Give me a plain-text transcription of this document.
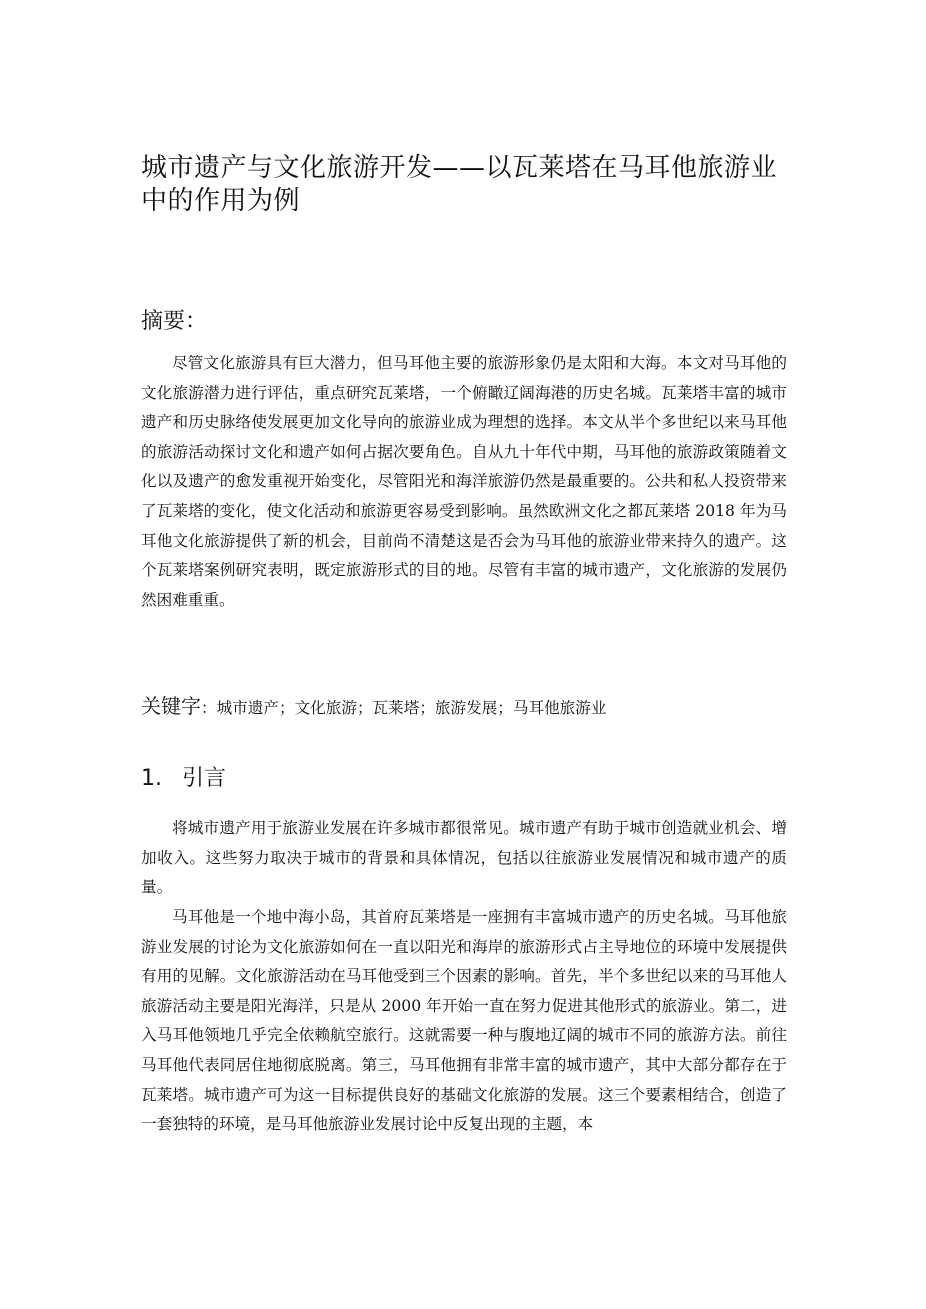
城市遗产与文化旅游开发——以瓦莱塔在马耳他旅游业中的作用为例
摘要：

尽管文化旅游具有巨大潜力，但马耳他主要的旅游形象仍是太阳和大海。本文对马耳他的文化旅游潜力进行评估，重点研究瓦莱塔，一个俯瞰辽阔海港的历史名城。瓦莱塔丰富的城市遗产和历史脉络使发展更加文化导向的旅游业成为理想的选择。本文从半个多世纪以来马耳他的旅游活动探讨文化和遗产如何占据次要角色。自从九十年代中期，马耳他的旅游政策随着文化以及遗产的愈发重视开始变化，尽管阳光和海洋旅游仍然是最重要的。公共和私人投资带来了瓦莱塔的变化，使文化活动和旅游更容易受到影响。虽然欧洲文化之都瓦莱塔 2018 年为马耳他文化旅游提供了新的机会，目前尚不清楚这是否会为马耳他的旅游业带来持久的遗产。这个瓦莱塔案例研究表明，既定旅游形式的目的地。尽管有丰富的城市遗产，文化旅游的发展仍然困难重重。

关键字：城市遗产；文化旅游；瓦莱塔；旅游发展；马耳他旅游业
1. 引言

将城市遗产用于旅游业发展在许多城市都很常见。城市遗产有助于城市创造就业机会、增加收入。这些努力取决于城市的背景和具体情况，包括以往旅游业发展情况和城市遗产的质量。

马耳他是一个地中海小岛，其首府瓦莱塔是一座拥有丰富城市遗产的历史名城。马耳他旅游业发展的讨论为文化旅游如何在一直以阳光和海岸的旅游形式占主导地位的环境中发展提供有用的见解。文化旅游活动在马耳他受到三个因素的影响。首先，半个多世纪以来的马耳他人旅游活动主要是阳光海洋，只是从 2000 年开始一直在努力促进其他形式的旅游业。第二，进入马耳他领地几乎完全依赖航空旅行。这就需要一种与腹地辽阔的城市不同的旅游方法。前往马耳他代表同居住地彻底脱离。第三，马耳他拥有非常丰富的城市遗产，其中大部分都存在于瓦莱塔。城市遗产可为这一目标提供良好的基础文化旅游的发展。这三个要素相结合，创造了一套独特的环境，是马耳他旅游业发展讨论中反复出现的主题，本
